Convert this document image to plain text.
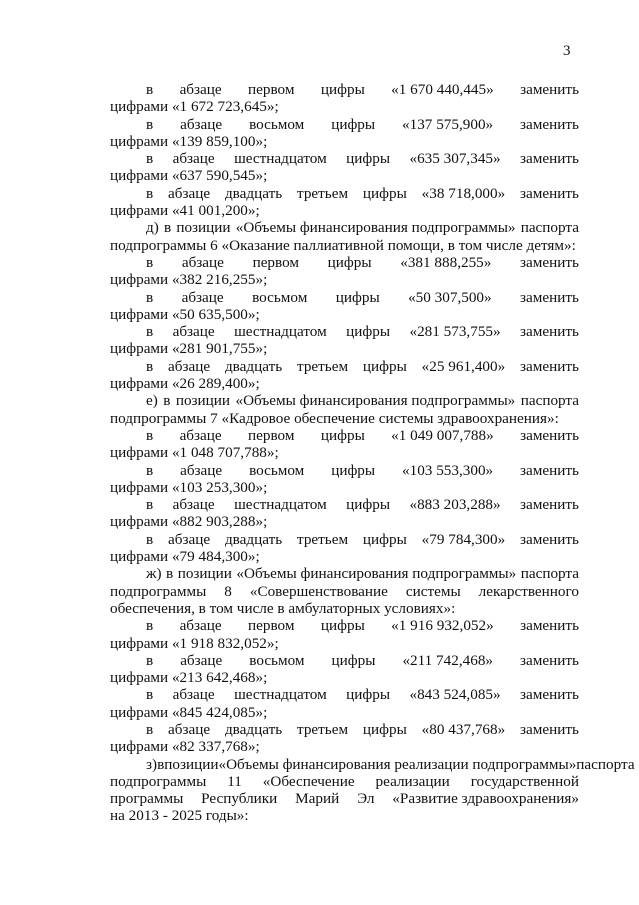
3
в абзаце первом цифры «1 670 440,445» заменить
цифрами «1 672 723,645»;
в абзаце восьмом цифры «137 575,900» заменить
цифрами «139 859,100»;
в абзаце шестнадцатом цифры «635 307,345» заменить
цифрами «637 590,545»;
в абзаце двадцать третьем цифры «38 718,000» заменить
цифрами «41 001,200»;
д) в позиции «Объемы финансирования подпрограммы» паспорта
подпрограммы 6 «Оказание паллиативной помощи, в том числе детям»:
в абзаце первом цифры «381 888,255» заменить
цифрами «382 216,255»;
в абзаце восьмом цифры «50 307,500» заменить
цифрами «50 635,500»;
в абзаце шестнадцатом цифры «281 573,755» заменить
цифрами «281 901,755»;
в абзаце двадцать третьем цифры «25 961,400» заменить
цифрами «26 289,400»;
е) в позиции «Объемы финансирования подпрограммы» паспорта
подпрограммы 7 «Кадровое обеспечение системы здравоохранения»:
в абзаце первом цифры «1 049 007,788» заменить
цифрами «1 048 707,788»;
в абзаце восьмом цифры «103 553,300» заменить
цифрами «103 253,300»;
в абзаце шестнадцатом цифры «883 203,288» заменить
цифрами «882 903,288»;
в абзаце двадцать третьем цифры «79 784,300» заменить
цифрами «79 484,300»;
ж) в позиции «Объемы финансирования подпрограммы» паспорта
подпрограммы 8 «Совершенствование системы лекарственного
обеспечения, в том числе в амбулаторных условиях»:
в абзаце первом цифры «1 916 932,052» заменить
цифрами «1 918 832,052»;
в абзаце восьмом цифры «211 742,468» заменить
цифрами «213 642,468»;
в абзаце шестнадцатом цифры «843 524,085» заменить
цифрами «845 424,085»;
в абзаце двадцать третьем цифры «80 437,768» заменить
цифрами «82 337,768»;
з) в позиции «Объемы финансирования реализации подпрограммы» паспорта
подпрограммы 11 «Обеспечение реализации государственной
программы Республики Марий Эл «Развитие здравоохранения»
на 2013 - 2025 годы»:
